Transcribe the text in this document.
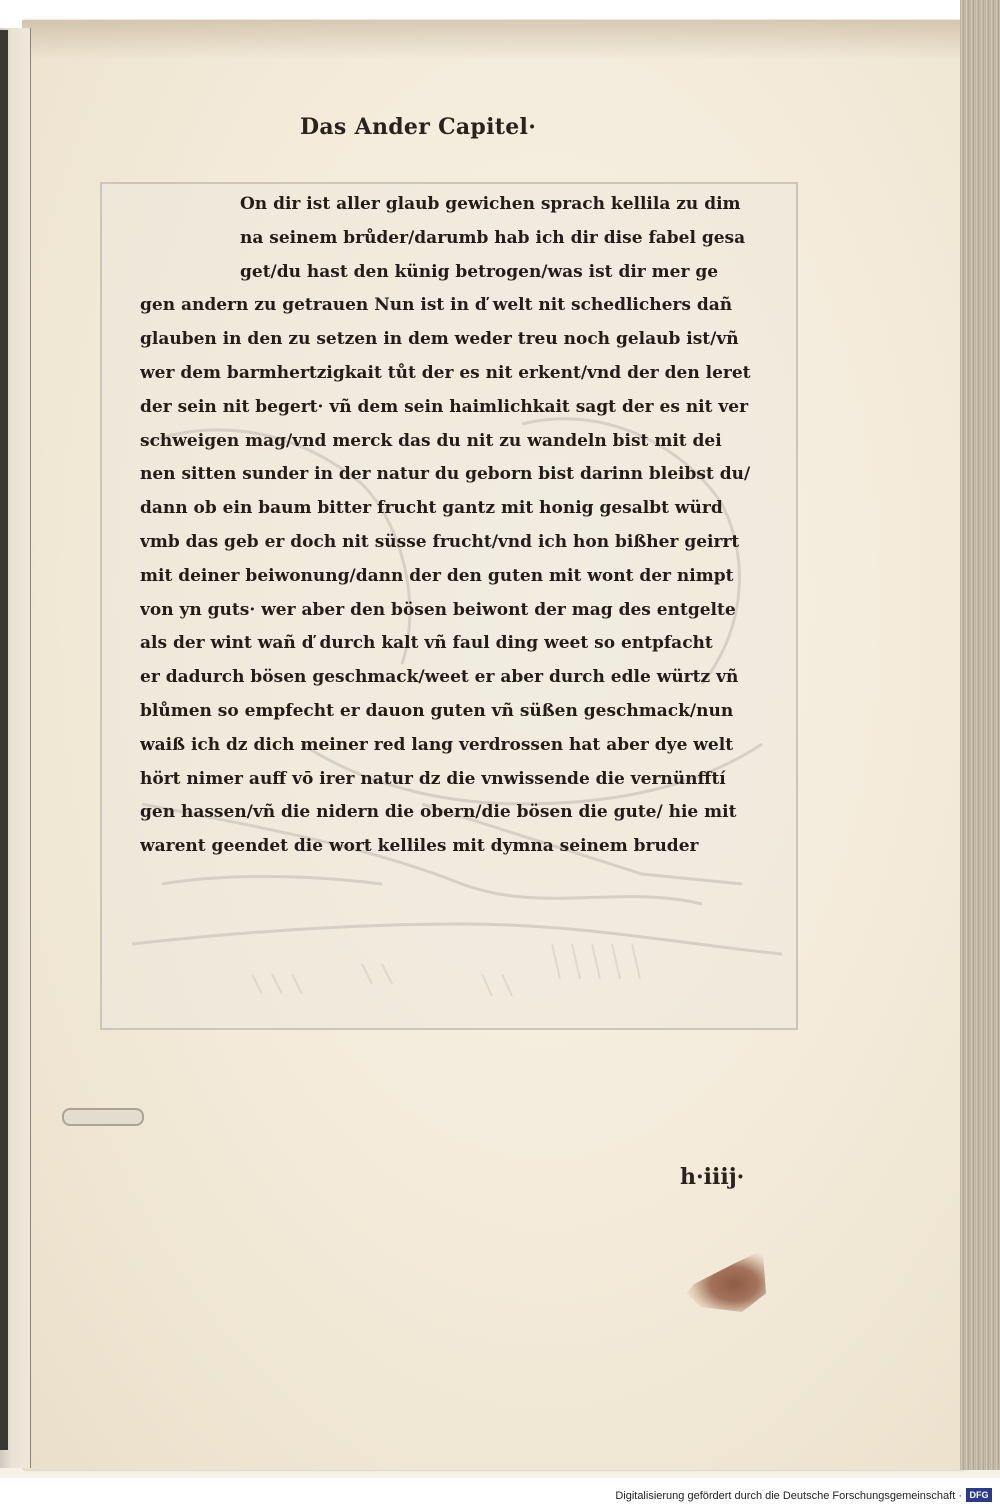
Das Ander Capitel·
On dir ist aller glaub gewichen sprach kellila zu dim
na seinem brůder/darumb hab ich dir dise fabel gesa
get/du hast den künig betrogen/was ist dir mer ge
gen andern zu getrauen Nun ist in ď welt nit schedlichers dañ
glauben in den zu setzen in dem weder treu noch gelaub ist/vñ
wer dem barmhertzigkait tůt der es nit erkent/vnd der den leret
der sein nit begert· vñ dem sein haimlichkait sagt der es nit ver
schweigen mag/vnd merck das du nit zu wandeln bist mit dei
nen sitten sunder in der natur du geborn bist darinn bleibst du/
dann ob ein baum bitter frucht gantz mit honig gesalbt würd
vmb das geb er doch nit süsse frucht/vnd ich hon bißher geirrt
mit deiner beiwonung/dann der den guten mit wont der nimpt
von yn guts· wer aber den bösen beiwont der mag des entgelte
als der wint wañ ď durch kalt vñ faul ding weet so entpfacht
er dadurch bösen geschmack/weet er aber durch edle würtz vñ
blůmen so empfecht er dauon guten vñ süßen geschmack/nun
waiß ich dz dich meiner red lang verdrossen hat aber dye welt
hört nimer auff vō irer natur dz die vnwissende die vernünfftí
gen hassen/vñ die nidern die obern/die bösen die gute/ hie mit
warent geendet die wort kelliles mit dymna seinem bruder
h·iiij·
Digitalisierung gefördert durch die Deutsche Forschungsgemeinschaft · DFG
